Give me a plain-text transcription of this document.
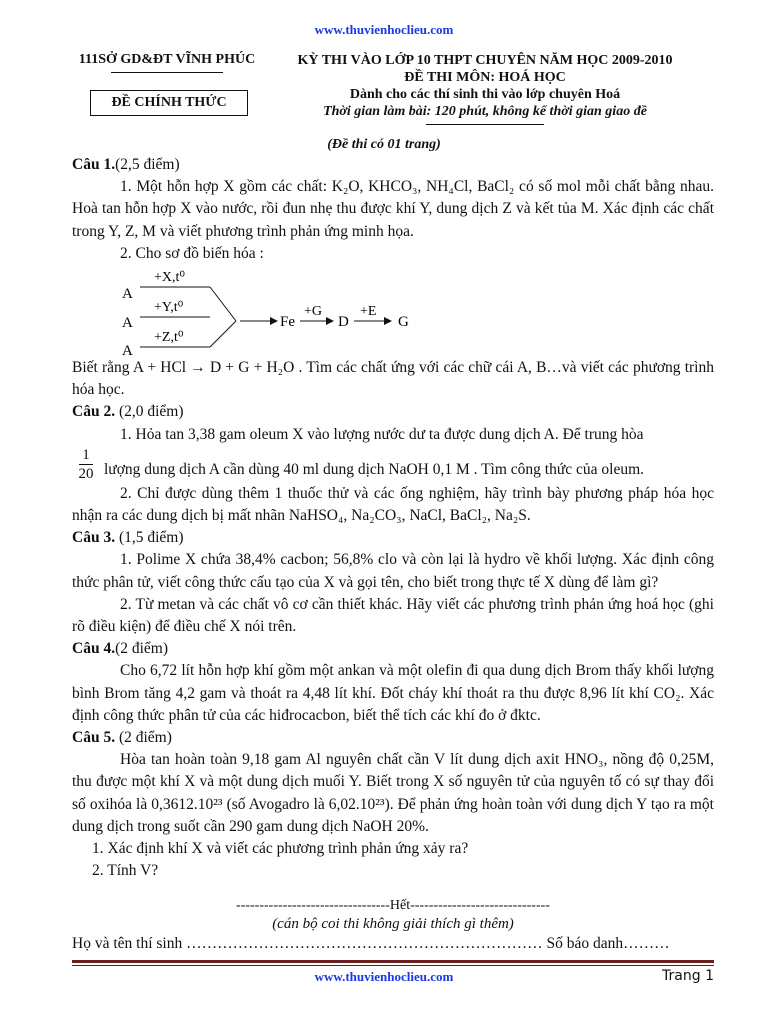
www.thuvienhoclieu.com
111SỞ GD&ĐT VĨNH PHÚC
ĐỀ CHÍNH THỨC
KỲ THI VÀO LỚP 10 THPT CHUYÊN NĂM HỌC 2009-2010
ĐỀ THI MÔN: HOÁ HỌC
Dành cho các thí sinh thi vào lớp chuyên Hoá
Thời gian làm bài: 120 phút, không kể thời gian giao đề
(Đề thi có 01 trang)

Câu 1.(2,5 điểm)

1. Một hỗn hợp X gồm các chất: K₂O, KHCO₃, NH₄Cl, BaCl₂ có số mol mỗi chất bằng nhau. Hoà tan hỗn hợp X vào nước, rồi đun nhẹ thu được khí Y, dung dịch Z và kết tủa M. Xác định các chất trong Y, Z, M và viết phương trình phản ứng minh họa.

2. Cho sơ đồ biến hóa :

A
A
A
+X,t⁰
+Y,t⁰
+Z,t⁰
Fe
+G
D
+E
G

Biết rằng A + HCl → D + G + H₂O . Tìm các chất ứng với các chữ cái A, B…và viết các phương trình hóa học.

Câu 2. (2,0 điểm)

1. Hỏa tan 3,38 gam oleum X vào lượng nước dư ta được dung dịch A. Để trung hòa

$\frac{1}{20}$ lượng dung dịch A cần dùng 40 ml dung dịch NaOH 0,1 M . Tìm công thức của oleum.

2. Chỉ được dùng thêm 1 thuốc thử và các ống nghiệm, hãy trình bày phương pháp hóa học nhận ra các dung dịch bị mất nhãn NaHSO₄, Na₂CO₃, NaCl, BaCl₂, Na₂S.

Câu 3. (1,5 điểm)

1. Polime X chứa 38,4% cacbon; 56,8% clo và còn lại là hydro về khối lượng. Xác định công thức phân tử, viết công thức cấu tạo của X và gọi tên, cho biết trong thực tế X dùng để làm gì?

2. Từ metan và các chất vô cơ cần thiết khác. Hãy viết các phương trình phản ứng hoá học (ghi rõ điều kiện) để điều chế X nói trên.

Câu 4.(2 điểm)

Cho 6,72 lít hỗn hợp khí gồm một ankan và một olefin đi qua dung dịch Brom thấy khối lượng bình Brom tăng 4,2 gam và thoát ra 4,48 lít khí. Đốt cháy khí thoát ra thu được 8,96 lít khí CO₂. Xác định công thức phân tử của các hiđrocacbon, biết thể tích các khí đo ở đktc.

Câu 5. (2 điểm)

Hòa tan hoàn toàn 9,18 gam Al nguyên chất cần V lít dung dịch axit HNO₃, nồng độ 0,25M, thu được một khí X và một dung dịch muối Y. Biết trong X số nguyên tử của nguyên tố có sự thay đổi số oxihóa là 0,3612.10²³ (số Avogadro là 6,02.10²³). Để phản ứng hoàn toàn với dung dịch Y tạo ra một dung dịch trong suốt cần 290 gam dung dịch NaOH 20%.

1. Xác định khí X và viết các phương trình phản ứng xảy ra?

2. Tính V?

---------------------------------Hết------------------------------
(cán bộ coi thi không giải thích gì thêm)
Họ và tên thí sinh …………………………………………………………… Số báo danh………
www.thuvienhoclieu.com	Trang 1
